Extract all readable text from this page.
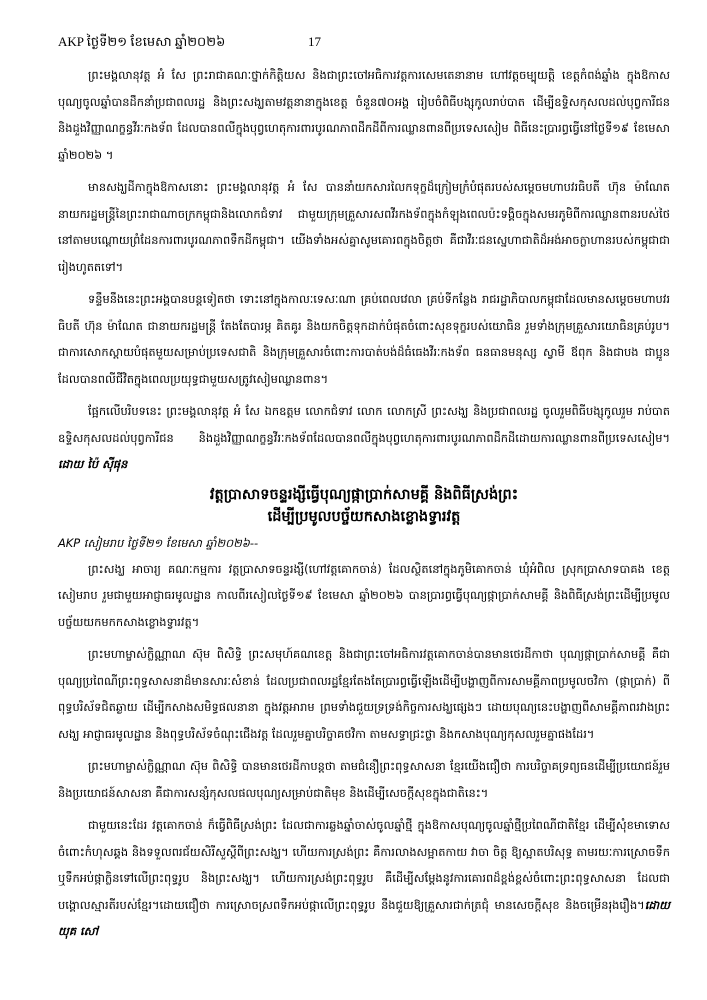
AKP ថ្ងៃទី២១ ខែមេសា ឆ្នាំ២០២៦	17

ព្រះមង្គលានុវត្ត អំ សែ ព្រះរាជាគណៈថ្នាក់កិត្តិយស និងជាព្រះចៅអធិការវត្តការសេមតេនានាម ហៅវត្តចម្បុយត្តិ ខេត្តកំពង់ឆ្នាំង ក្នុងឱកាសបុណ្យចូលឆ្នាំបានដឹកនាំប្រជាពលរដ្ឋ និងព្រះសង្ឃតាមវត្តនានាក្នុងខេត្ត ចំនួន៧០អង្គ រៀបចំពិធីបង្សុកូលរាប់បាត ដើម្បីឧទ្ទិសកុសលដល់បុព្វការីជន និងដួងវិញ្ញាណក្ខន្ធវីរៈកងទ័ព ដែលបានពលីក្នុងបុព្វហេតុការពារបូរណភាពដឹកដីពីការឈ្លានពានពីប្រទេសសៀម ពិធីនេះប្រារព្ធធ្វើនៅថ្ងៃទី១៩ ខែមេសា ឆ្នាំ២០២៦ ។

មានសង្ឃដីកាក្នុងឱកាសនោះ ព្រះមង្គលានុវត្ត អំ សែ បាននាំយកសារលៃកទុក្ខដ៏ក្រៀមក្រំបំផុតរបស់សម្ដេចមហាបវរធិបតី ហ៊ុន ម៉ាណែត នាយករដ្ឋមន្ត្រីនៃព្រះរាជាណាចក្រកម្ពុជានិងលោកជំទាវ ជាមួយក្រុមគ្រួសារសពវីរកងទ័ពក្នុងកំឡុងពេលប៉ះទង្គិចក្នុងសមរភូមិពីការឈ្លានពានរបស់ថៃ នៅតាមបណ្ដោយព្រំដែនការពារបូរណភាពទឹកដីកម្ពុជា។ យើងទាំងអស់គ្នាសូមគោរពក្នុងចិត្តថា គឺជាវីរៈជនស្នេហាជាតិដ៏អង់អាចក្លាហានរបស់កម្ពុជាជារៀងហូតតទៅ។

ទន្ទឹមនឹងនេះព្រះអង្គបានបន្តទៀតថា ទោះនៅក្នុងកាលៈទេសៈណា គ្រប់ពេលវេលា គ្រប់ទីកន្លែង រាជរដ្ឋាភិបាលកម្ពុជាដែលមានសម្ដេចមហាបវរធិបតី ហ៊ុន ម៉ាណែត ជានាយករដ្ឋមន្ត្រី តែងតែបារម្ភ គិតគូរ និងយកចិត្តទុកដាក់បំផុតចំពោះសុខទុក្ខរបស់យោធិន រួមទាំងក្រុមគ្រួសារយោធិនគ្រប់រូប។ ជាការសោកស្ដាយបំផុតមួយសម្រាប់ប្រទេសជាតិ និងក្រុមគ្រួសារចំពោះការបាត់បង់ដ៏ធំធេងវីរៈកងទ័ព ធនធានមនុស្ស ស្វាមី ឪពុក និងជាបង ជាប្អូន ដែលបានពលីជីវិតក្នុងពេលប្រយុទ្ធជាមួយសត្រូវសៀមឈ្លានពាន។

ផ្អែកលើបរិបទនេះ ព្រះមង្គលានុវត្ត អំ សែ ឯកឧត្តម លោកជំទាវ លោក លោកស្រី ព្រះសង្ឃ និងប្រជាពលរដ្ឋ ចូលរួមពិធីបង្សុកូលរួម រាប់បាតឧទ្ទិសកុសលដល់បុព្វការីជន និងដួងវិញ្ញាណក្ខន្ធវីរៈកងទ័ពដែលបានពលីក្នុងបុព្វហេតុការពារបូរណភាពដឹកដីដោយការឈ្លានពានពីប្រទេសសៀម។ ដោយ ប៉ៃ ស៊ីផុន

វត្តប្រាសាទចន្ទរង្សីធ្វើបុណ្យផ្កាប្រាក់សាមគ្គី និងពិធីស្រង់ព្រះ
ដើម្បីប្រមូលបច្ច័យកសាងខ្លោងទ្វារវត្ត
AKP សៀមរាប ថ្ងៃទី២១ ខែមេសា ឆ្នាំ២០២៦--

ព្រះសង្ឃ អាចារ្យ គណៈកម្មការ វត្តប្រាសាទចន្ទរង្សី(ហៅវត្តគោកចាន់) ដែលស្ថិតនៅក្នុងភូមិគោកចាន់ ឃុំអំពិល ស្រុកប្រាសាទបាគង ខេត្តសៀមរាប រួមជាមួយអាជ្ញាធរមូលដ្ឋាន កាលពីរសៀលថ្ងៃទី១៩ ខែមេសា ឆ្នាំ២០២៦ បានប្រារព្ធធ្វើបុណ្យផ្កាប្រាក់សាមគ្គី និងពិធីស្រង់ព្រះដើម្បីប្រមូលបច្ច័យយកមកកសាងខ្លោងទ្វារវត្ត។

ព្រះមហាម្ចាស់ក្លិណ្ណាណ ស៊ុម ពិសិទ្ធិ ព្រះសមុហ៍គណខេត្ត និងជាព្រះចៅអធិការវត្តគោកចាន់បានមានថេរដីកាថា បុណ្យផ្កាប្រាក់សាមគ្គី គឺជាបុណ្យប្រពៃណីព្រះពុទ្ធសាសនាដ៏មានសារៈសំខាន់ ដែលប្រជាពលរដ្ឋខ្មែរតែងតែប្រារព្ធធ្វើឡើងដើម្បីបង្ហាញពីការសាមគ្គីភាពប្រមូលចវិកា (ផ្កាប្រាក់) ពីពុទ្ធបរិស័ទជិតឆ្ងាយ ដើម្បីកសាងសមិទ្ធផលនានា ក្នុងវត្តអារាម ព្រមទាំងជួយទ្រទ្រង់កិច្ចការសង្ឃផ្សេងៗ ដោយបុណ្យនេះបង្ហាញពីសាមគ្គីភាពរវាងព្រះសង្ឃ អាជ្ញាធរមូលដ្ឋាន និងពុទ្ធបរិស័ទចំណុះជើងវត្ត ដែលរួមគ្នាបរិច្ចាគថវិកា តាមសទ្ធាជ្រះថ្លា និងកសាងបុណ្យកុសលរួមគ្នាផងដែរ។

ព្រះមហាម្ចាស់ក្លិណ្ណាណ ស៊ុម ពិសិទ្ធិ បានមានថេរដីកាបន្តថា តាមជំនឿព្រះពុទ្ធសាសនា ខ្មែរយើងជឿថា ការបរិច្ចាគទ្រព្យធនដើម្បីប្រយោជន៍រួម និងប្រយោជន៍សាសនា គឺជាការសន្សំកុសលផលបុណ្យសម្រាប់ជាតិមុខ និងដើម្បីសេចក្ដីសុខក្នុងជាតិនេះ។

ជាមួយនេះដែរ វត្តគោកចាន់ ក៏ធ្វើពិធីស្រង់ព្រះ ដែលជាការឆ្លងឆ្នាំចាស់ចូលឆ្នាំថ្មី ក្នុងឱកាសបុណ្យចូលឆ្នាំថ្មីប្រពៃណីជាតិខ្មែរ ដើម្បីសុំខមាទោសចំពោះកំហុសឆ្គង និងទទួលពរជ័យសិរីសួស្ដីពីព្រះសង្ឃ។ ហើយការស្រង់ព្រះ គឺការលាងសម្អាតកាយ វាចា ចិត្ត ឱ្យស្អាតបរិសុទ្ធ តាមរយៈការស្រោចទឹក ឬទឹកអប់ផ្កាក្លិនទៅលើព្រះពុទ្ធរូប និងព្រះសង្ឃ។ ហើយការស្រង់ព្រះពុទ្ធរូប គឺដើម្បីសម្ដែងនូវការគោរពដ៏ខ្ពង់ខ្ពស់ចំពោះព្រះពុទ្ធសាសនា ដែលជាបង្គោលស្មារតីរបស់ខ្មែរ។ដោយជឿថា ការស្រោចស្រពទឹកអប់ផ្កាលើព្រះពុទ្ធរូប នឹងជួយឱ្យគ្រួសារជាក់ត្រជុំ មានសេចក្ដីសុខ និងចម្រើនរុងរឿង។ដោយ យុគ សៅ
